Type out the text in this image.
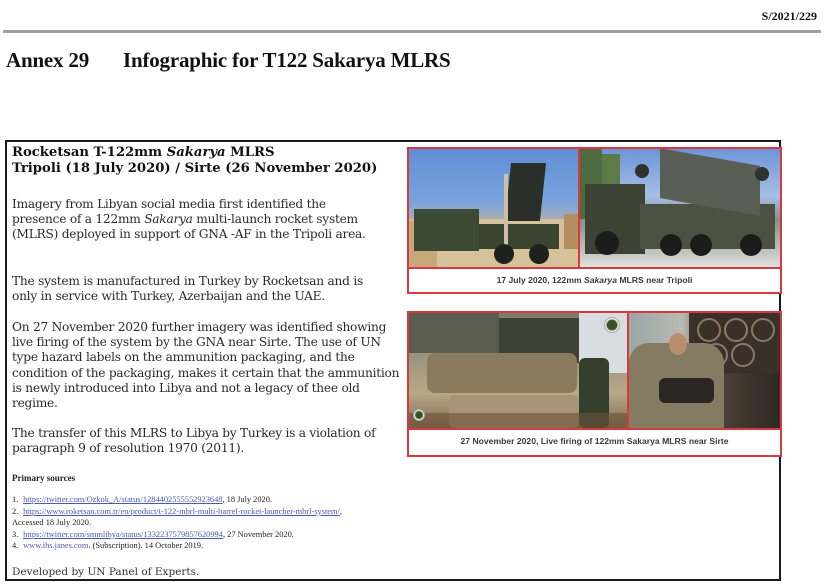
S/2021/229
Annex 29 Infographic for T122 Sakarya MLRS
Rocketsan T-122mm Sakarya MLRS
Tripoli (18 July 2020) / Sirte (26 November 2020)

Imagery from Libyan social media first identified the presence of a 122mm Sakarya multi-launch rocket system (MLRS) deployed in support of GNA -AF in the Tripoli area.

The system is manufactured in Turkey by Rocketsan and is only in service with Turkey, Azerbaijan and the UAE.

On 27 November 2020 further imagery was identified showing live firing of the system by the GNA near Sirte. The use of UN type hazard labels on the ammunition packaging, and the condition of the packaging, makes it certain that the ammunition is newly introduced into Libya and not a legacy of thee old regime.

The transfer of this MLRS to Libya by Turkey is a violation of paragraph 9 of resolution 1970 (2011).

Primary sources
1. https://twitter.com/Ozkok_A/status/1284402555552923648, 18 July 2020.
2. https://www.roketsan.com.tr/en/product/t-122-mbrl-multi-barrel-rocket-launcher-mbrl-system/,
Accessed 18 July 2020.
3. https://twitter.com/smmlibya/status/1332237579857620994, 27 November 2020.
4. www.ihs.janes.com. (Subscription). 14 October 2019.
Developed by UN Panel of Experts.
17 July 2020, 122mm Sakarya MLRS near Tripoli
27 November 2020, Live firing of 122mm Sakarya MLRS near Sirte
